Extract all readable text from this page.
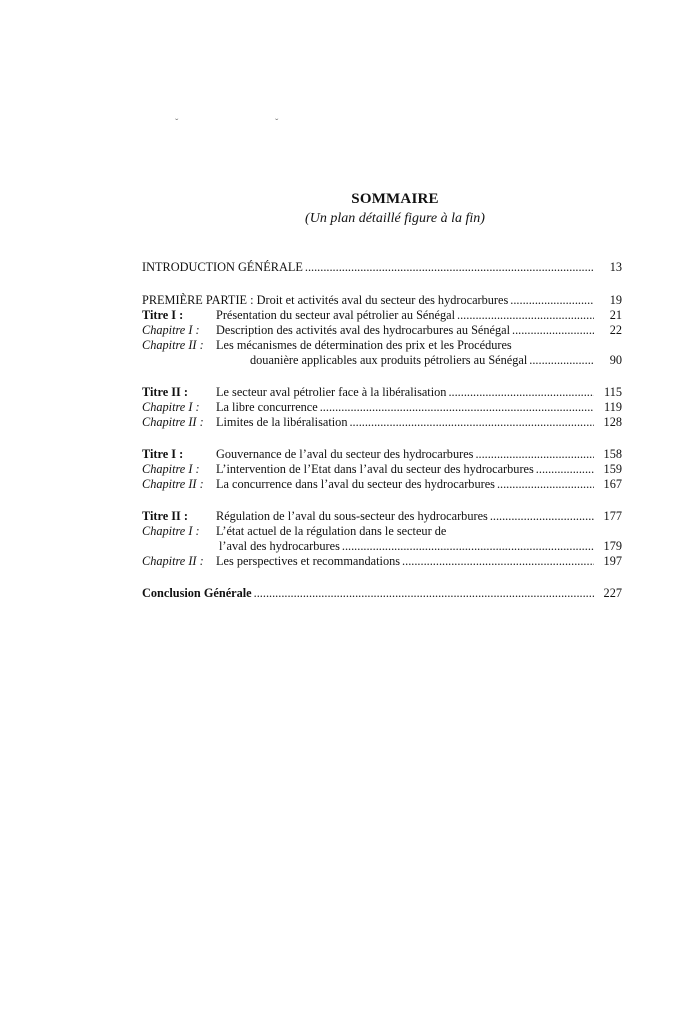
ˇ	ˇ
SOMMAIRE
(Un plan détaillé figure à la fin)
INTRODUCTION GÉNÉRALE .....	13
PREMIÈRE PARTIE : Droit et activités aval du secteur des hydrocarbures .....	19
Titre I :	Présentation du secteur aval pétrolier au Sénégal .....	21
Chapitre I :	Description des activités aval des hydrocarbures au Sénégal .....	22
Chapitre II : Les mécanismes de détermination des prix et les Procédures
douanière applicables aux produits pétroliers au Sénégal .....	90
Titre II :	Le secteur aval pétrolier face à la libéralisation .....	115
Chapitre I :	La libre concurrence .....	119
Chapitre II : Limites de la libéralisation .....	128
Titre I :	Gouvernance de l’aval du secteur des hydrocarbures .....	158
Chapitre I :	L’intervention de l’Etat dans l’aval du secteur des hydrocarbures .....	159
Chapitre II : La concurrence dans l’aval du secteur des hydrocarbures .....	167
Titre II :	Régulation de l’aval du sous-secteur des hydrocarbures .....	177
Chapitre I :	L’état actuel de la régulation dans le secteur de
l’aval des hydrocarbures .....	179
Chapitre II : Les perspectives et recommandations .....	197
Conclusion Générale .....	227
